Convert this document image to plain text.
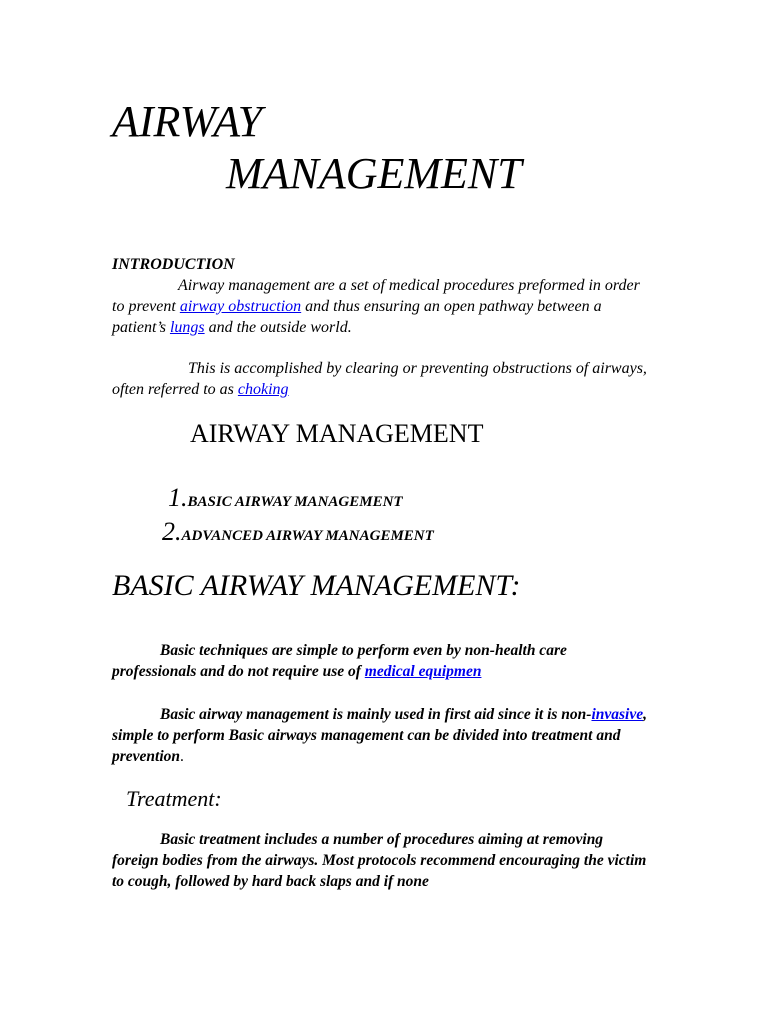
AIRWAY
MANAGEMENT
INTRODUCTION

Airway management are a set of medical procedures preformed in order to prevent airway obstruction and thus ensuring an open pathway between a patient’s lungs and the outside world.

This is accomplished by clearing or preventing obstructions of airways, often referred to as choking

AIRWAY MANAGEMENT
1.BASIC AIRWAY MANAGEMENT
2.ADVANCED AIRWAY MANAGEMENT
BASIC AIRWAY MANAGEMENT:

Basic techniques are simple to perform even by non-health care professionals and do not require use of medical equipmen

Basic airway management is mainly used in first aid since it is non-invasive, simple to perform Basic airways management can be divided into treatment and prevention.

Treatment:

Basic treatment includes a number of procedures aiming at removing foreign bodies from the airways. Most protocols recommend encouraging the victim to cough, followed by hard back slaps and if none
